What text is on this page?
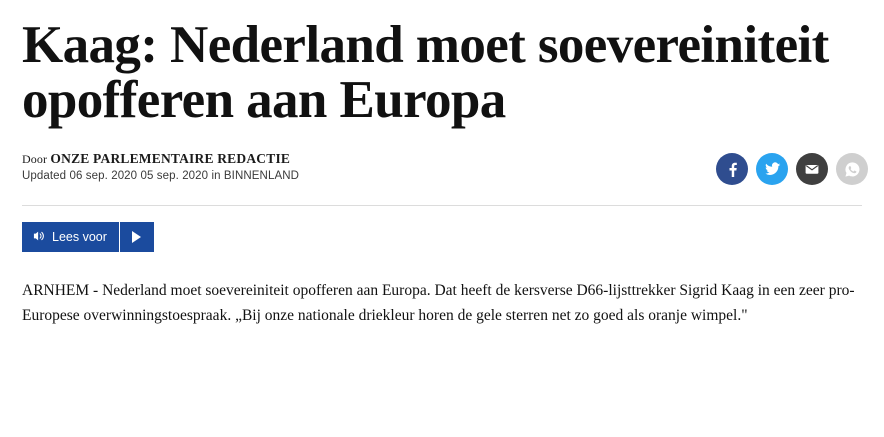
Kaag: Nederland moet soevereiniteit opofferen aan Europa
Door ONZE PARLEMENTAIRE REDACTIE
Updated 06 sep. 2020 05 sep. 2020 in BINNENLAND
Lees voor

ARNHEM - Nederland moet soevereiniteit opofferen aan Europa. Dat heeft de kersverse D66-lijsttrekker Sigrid Kaag in een zeer pro-Europese overwinningstoespraak. „Bij onze nationale driekleur horen de gele sterren net zo goed als oranje wimpel."
